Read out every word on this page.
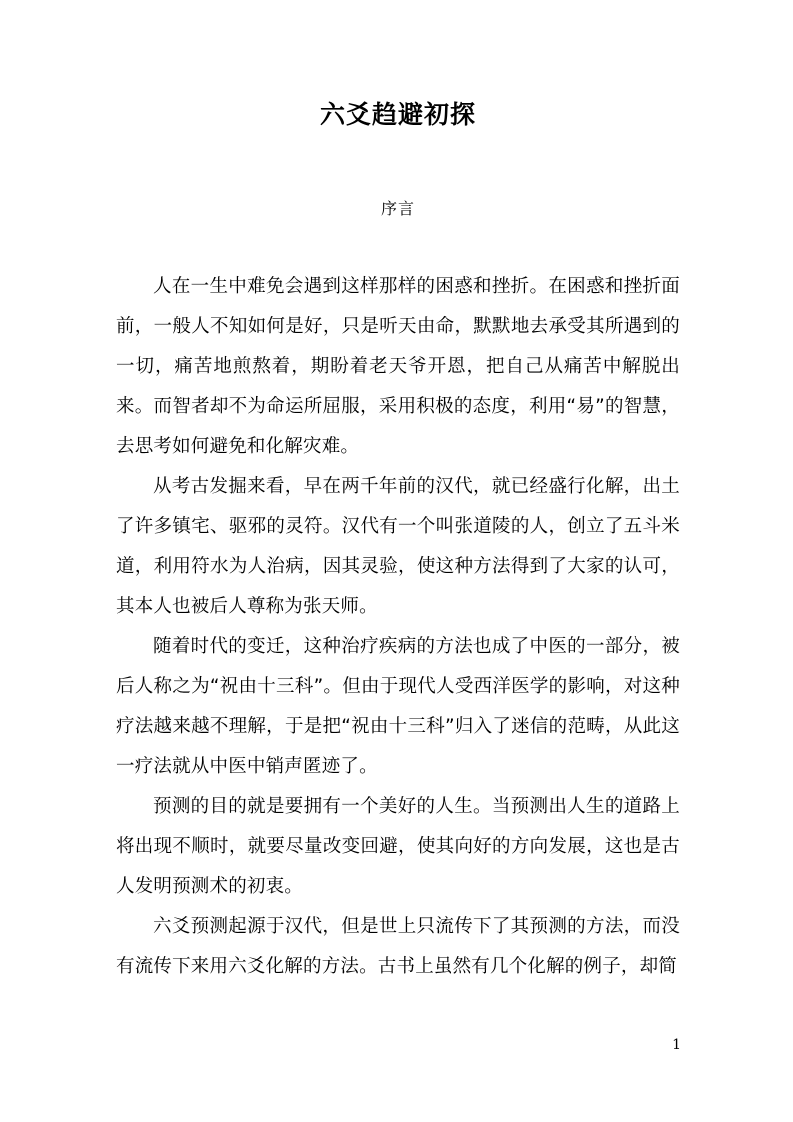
六爻趋避初探
序言

人在一生中难免会遇到这样那样的困惑和挫折。在困惑和挫折面前，一般人不知如何是好，只是听天由命，默默地去承受其所遇到的一切，痛苦地煎熬着，期盼着老天爷开恩，把自己从痛苦中解脱出来。而智者却不为命运所屈服，采用积极的态度，利用“易”的智慧，去思考如何避免和化解灾难。

从考古发掘来看，早在两千年前的汉代，就已经盛行化解，出土了许多镇宅、驱邪的灵符。汉代有一个叫张道陵的人，创立了五斗米道，利用符水为人治病，因其灵验，使这种方法得到了大家的认可，其本人也被后人尊称为张天师。

随着时代的变迁，这种治疗疾病的方法也成了中医的一部分，被后人称之为“祝由十三科”。但由于现代人受西洋医学的影响，对这种疗法越来越不理解，于是把“祝由十三科”归入了迷信的范畴，从此这一疗法就从中医中销声匿迹了。

预测的目的就是要拥有一个美好的人生。当预测出人生的道路上将出现不顺时，就要尽量改变回避，使其向好的方向发展，这也是古人发明预测术的初衷。

六爻预测起源于汉代，但是世上只流传下了其预测的方法，而没有流传下来用六爻化解的方法。古书上虽然有几个化解的例子，却简

1
